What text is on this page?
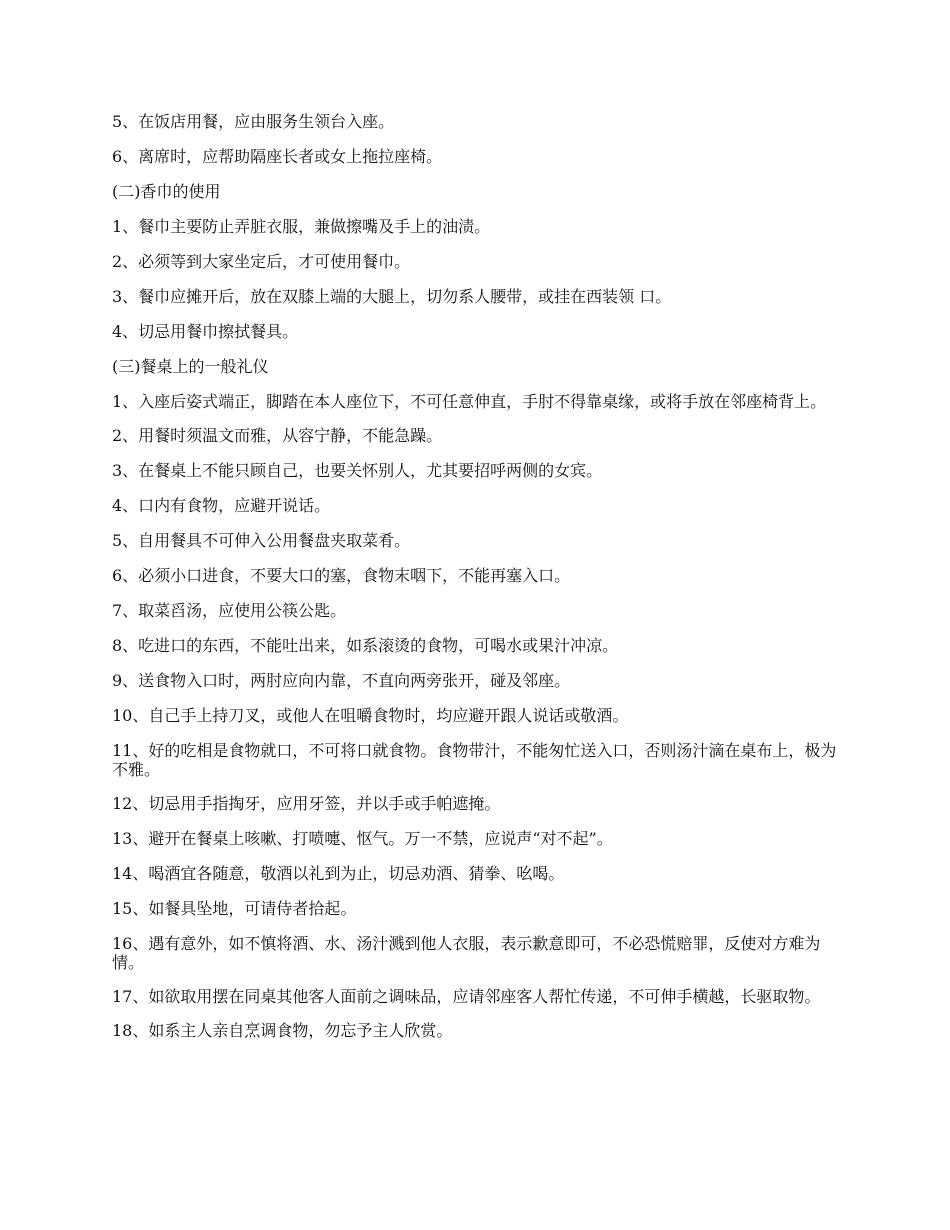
5、在饭店用餐，应由服务生领台入座。

6、离席时，应帮助隔座长者或女上拖拉座椅。

(二)香巾的使用

1、餐巾主要防止弄脏衣服，兼做擦嘴及手上的油渍。

2、必须等到大家坐定后，才可使用餐巾。

3、餐巾应摊开后，放在双膝上端的大腿上，切勿系人腰带，或挂在西装领 口。

4、切忌用餐巾擦拭餐具。

(三)餐桌上的一般礼仪

1、入座后姿式端正，脚踏在本人座位下，不可任意伸直，手肘不得靠桌缘，或将手放在邻座椅背上。

2、用餐时须温文而雅，从容宁静，不能急躁。

3、在餐桌上不能只顾自己，也要关怀别人，尤其要招呼两侧的女宾。

4、口内有食物，应避开说话。

5、自用餐具不可伸入公用餐盘夹取菜肴。

6、必须小口进食，不要大口的塞，食物末咽下，不能再塞入口。

7、取菜舀汤，应使用公筷公匙。

8、吃进口的东西，不能吐出来，如系滚烫的食物，可喝水或果汁冲凉。

9、送食物入口时，两肘应向内靠，不直向两旁张开，碰及邻座。

10、自己手上持刀叉，或他人在咀嚼食物时，均应避开跟人说话或敬酒。

11、好的吃相是食物就口，不可将口就食物。食物带汁，不能匆忙送入口，否则汤汁滴在桌布上，极为不雅。

12、切忌用手指掏牙，应用牙签，并以手或手帕遮掩。

13、避开在餐桌上咳嗽、打喷嚏、怄气。万一不禁，应说声“对不起”。

14、喝酒宜各随意，敬酒以礼到为止，切忌劝酒、猜拳、吆喝。

15、如餐具坠地，可请侍者拾起。

16、遇有意外，如不慎将酒、水、汤汁溅到他人衣服，表示歉意即可，不必恐慌赔罪，反使对方难为情。

17、如欲取用摆在同桌其他客人面前之调味品，应请邻座客人帮忙传递，不可伸手横越，长驱取物。

18、如系主人亲自烹调食物，勿忘予主人欣赏。
